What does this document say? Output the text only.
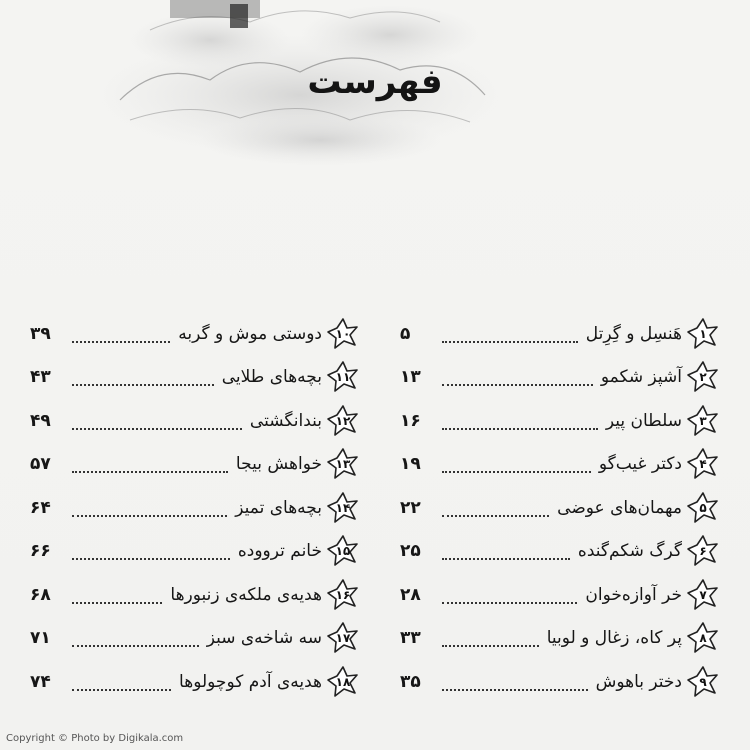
فهرست
۱
هَنسِل و گِرِتل
۵
۲
آشپز شکمو
۱۳
۳
سلطان پیر
۱۶
۴
دکتر غیب‌گو
۱۹
۵
مهمان‌های عوضی
۲۲
۶
گرگ شکم‌گنده
۲۵
۷
خر آوازه‌خوان
۲۸
۸
پر کاه، زغال و لوبیا
۳۳
۹
دختر باهوش
۳۵
۱۰
دوستی موش و گربه
۳۹
۱۱
بچه‌های طلایی
۴۳
۱۲
بندانگشتی
۴۹
۱۳
خواهش بیجا
۵۷
۱۴
بچه‌های تمیز
۶۴
۱۵
خانم ترووده
۶۶
۱۶
هدیه‌ی ملکه‌ی زنبورها
۶۸
۱۷
سه شاخه‌ی سبز
۷۱
۱۸
هدیه‌ی آدم کوچولوها
۷۴
Copyright © Photo by Digikala.com
